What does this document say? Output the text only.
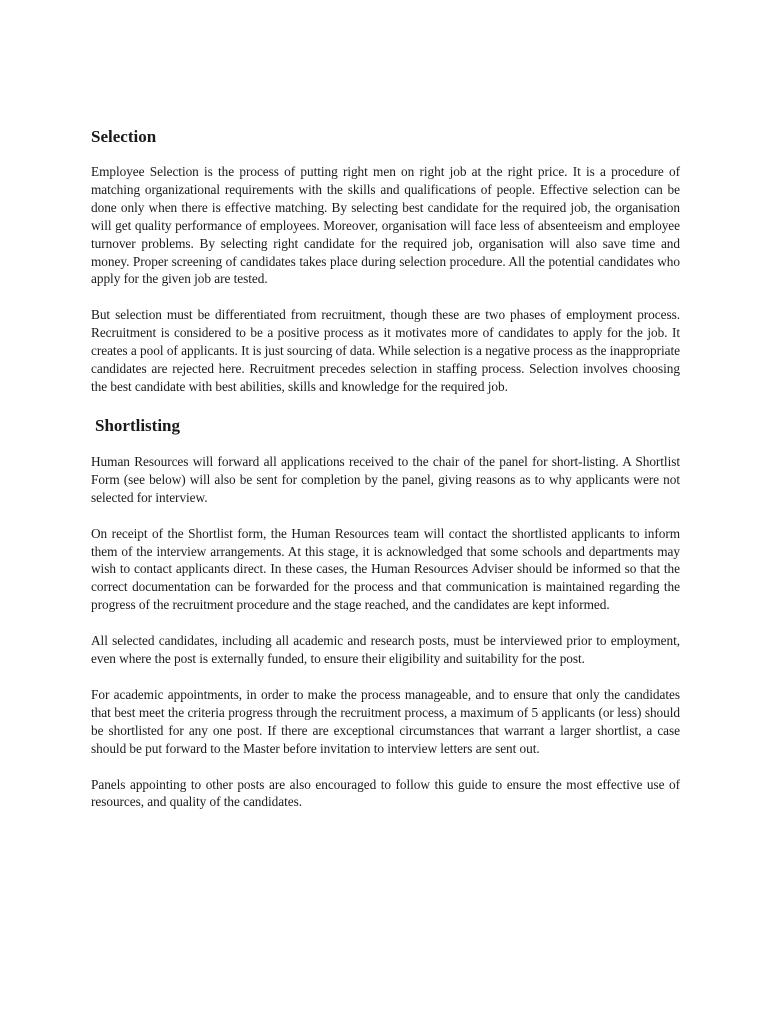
Selection

Employee Selection is the process of putting right men on right job at the right price. It is a procedure of matching organizational requirements with the skills and qualifications of people. Effective selection can be done only when there is effective matching. By selecting best candidate for the required job, the organisation will get quality performance of employees. Moreover, organisation will face less of absenteeism and employee turnover problems. By selecting right candidate for the required job, organisation will also save time and money. Proper screening of candidates takes place during selection procedure. All the potential candidates who apply for the given job are tested.

But selection must be differentiated from recruitment, though these are two phases of employment process. Recruitment is considered to be a positive process as it motivates more of candidates to apply for the job. It creates a pool of applicants. It is just sourcing of data. While selection is a negative process as the inappropriate candidates are rejected here. Recruitment precedes selection in staffing process. Selection involves choosing the best candidate with best abilities, skills and knowledge for the required job.

Shortlisting

Human Resources will forward all applications received to the chair of the panel for short-listing. A Shortlist Form (see below) will also be sent for completion by the panel, giving reasons as to why applicants were not selected for interview.

On receipt of the Shortlist form, the Human Resources team will contact the shortlisted applicants to inform them of the interview arrangements. At this stage, it is acknowledged that some schools and departments may wish to contact applicants direct. In these cases, the Human Resources Adviser should be informed so that the correct documentation can be forwarded for the process and that communication is maintained regarding the progress of the recruitment procedure and the stage reached, and the candidates are kept informed.

All selected candidates, including all academic and research posts, must be interviewed prior to employment, even where the post is externally funded, to ensure their eligibility and suitability for the post.

For academic appointments, in order to make the process manageable, and to ensure that only the candidates that best meet the criteria progress through the recruitment process, a maximum of 5 applicants (or less) should be shortlisted for any one post. If there are exceptional circumstances that warrant a larger shortlist, a case should be put forward to the Master before invitation to interview letters are sent out.

Panels appointing to other posts are also encouraged to follow this guide to ensure the most effective use of resources, and quality of the candidates.
